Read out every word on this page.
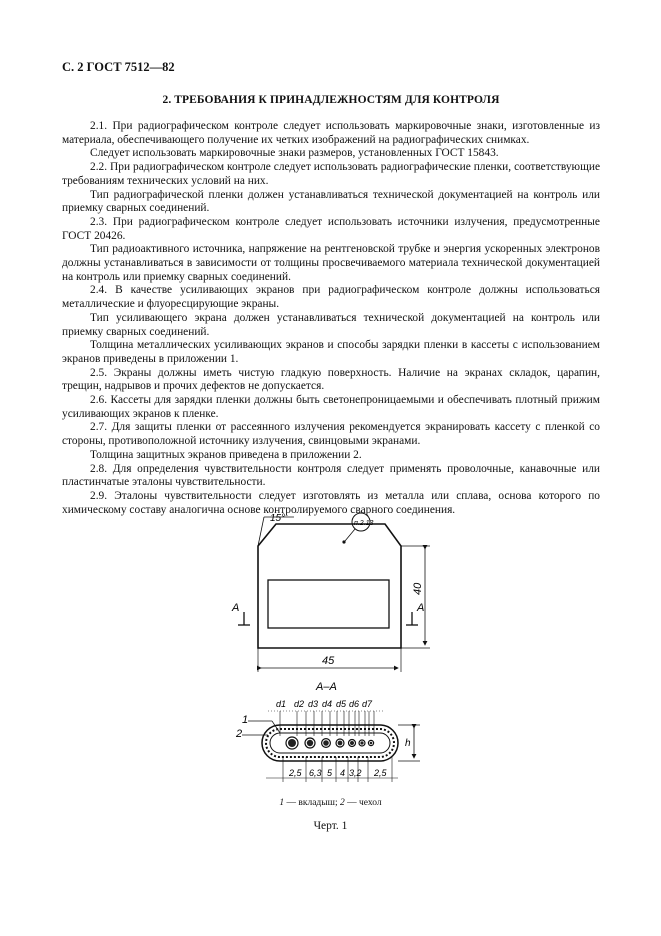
С. 2 ГОСТ 7512—82
2. ТРЕБОВАНИЯ К ПРИНАДЛЕЖНОСТЯМ ДЛЯ КОНТРОЛЯ

2.1. При радиографическом контроле следует использовать маркировочные знаки, изготовленные из материала, обеспечивающего получение их четких изображений на радиографических снимках.

Следует использовать маркировочные знаки размеров, установленных ГОСТ 15843.

2.2. При радиографическом контроле следует использовать радиографические пленки, соответствующие требованиям технических условий на них.

Тип радиографической пленки должен устанавливаться технической документацией на контроль или приемку сварных соединений.

2.3. При радиографическом контроле следует использовать источники излучения, предусмотренные ГОСТ 20426.

Тип радиоактивного источника, напряжение на рентгеновской трубке и энергия ускоренных электронов должны устанавливаться в зависимости от толщины просвечиваемого материала технической документацией на контроль или приемку сварных соединений.

2.4. В качестве усиливающих экранов при радиографическом контроле должны использоваться металлические и флуоресцирующие экраны.

Тип усиливающего экрана должен устанавливаться технической документацией на контроль или приемку сварных соединений.

Толщина металлических усиливающих экранов и способы зарядки пленки в кассеты с использованием экранов приведены в приложении 1.

2.5. Экраны должны иметь чистую гладкую поверхность. Наличие на экранах складок, царапин, трещин, надрывов и прочих дефектов не допускается.

2.6. Кассеты для зарядки пленки должны быть светонепроницаемыми и обеспечивать плотный прижим усиливающих экранов к пленке.

2.7. Для защиты пленки от рассеянного излучения рекомендуется экранировать кассету с пленкой со стороны, противоположной источнику излучения, свинцовыми экранами.

Толщина защитных экранов приведена в приложении 2.

2.8. Для определения чувствительности контроля следует применять проволочные, канавочные или пластинчатые эталоны чувствительности.

2.9. Эталоны чувствительности следует изготовлять из металла или сплава, основа которого по химическому составу аналогична основе контролируемого сварного соединения.

15°	п.2.13
40
45
А	А
А–А
d1 d2 d3 d4 d5 d6 d7
1
2
h
2,5 6,3 5 4 3,2 2,5
1 — вкладыш; 2 — чехол
Черт. 1
